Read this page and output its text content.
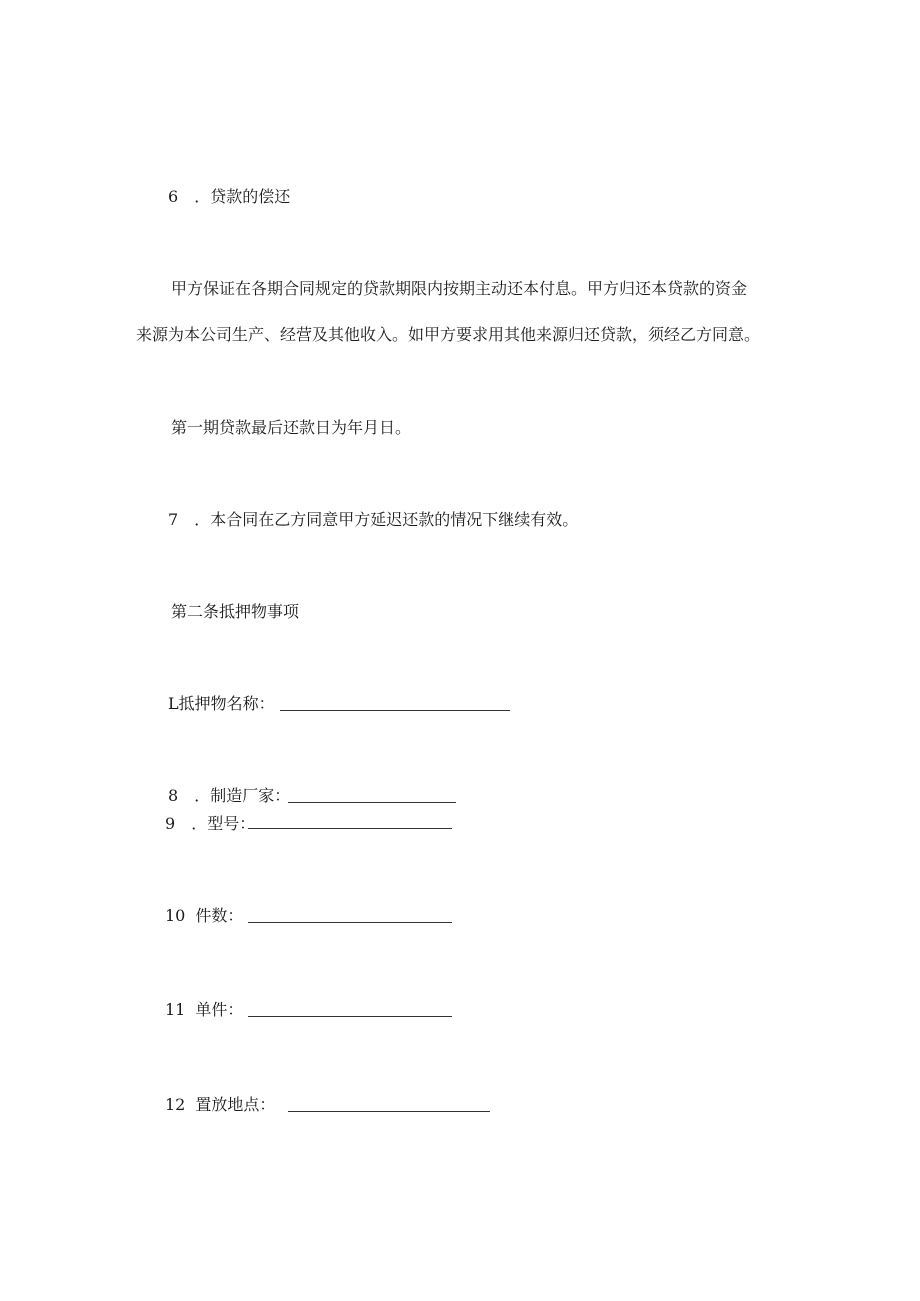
6 ．贷款的偿还
甲方保证在各期合同规定的贷款期限内按期主动还本付息。甲方归还本贷款的资金
来源为本公司生产、经营及其他收入。如甲方要求用其他来源归还贷款，须经乙方同意。
第一期贷款最后还款日为年月日。
7 ．本合同在乙方同意甲方延迟还款的情况下继续有效。
第二条抵押物事项
L抵押物名称：
8 ．制造厂家：
9 ．型号：
10 件数：
11 单件：
12 置放地点：
